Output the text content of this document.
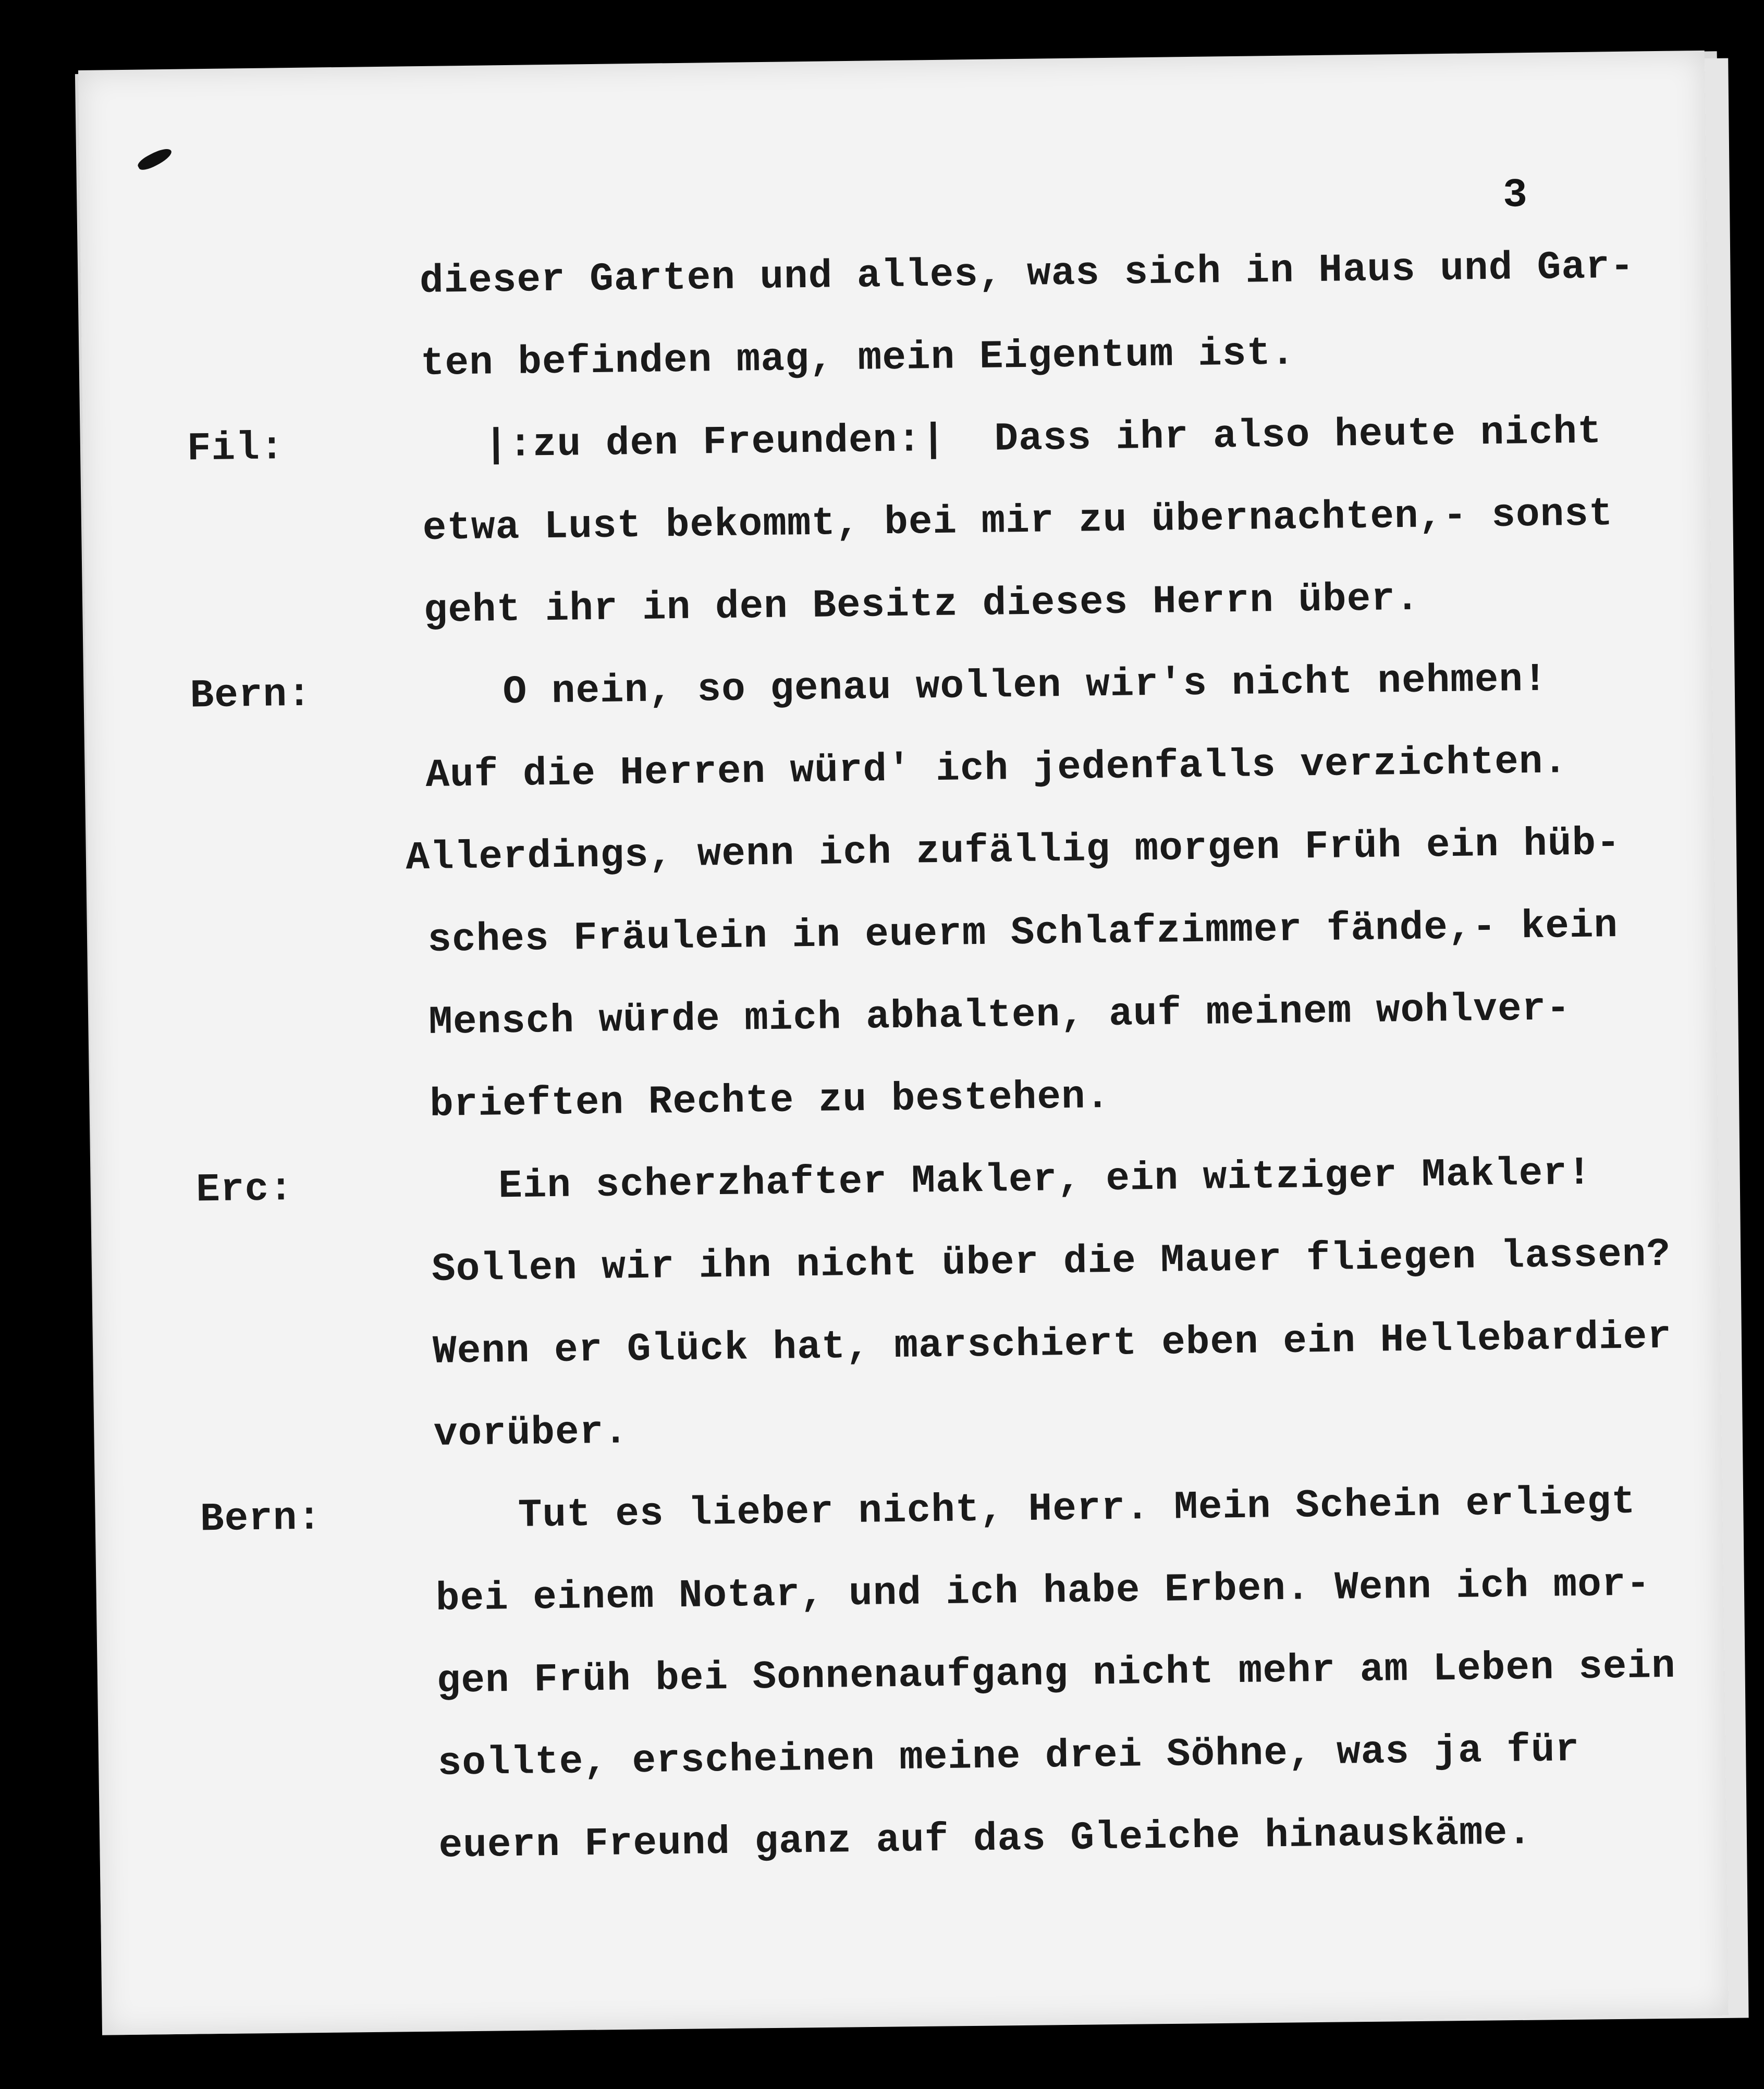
3
dieser Garten und alles, was sich in Haus und Gar-
ten befinden mag, mein Eigentum ist.
Fil:	|:zu den Freunden:|  Dass ihr also heute nicht
etwa Lust bekommt, bei mir zu übernachten,- sonst
geht ihr in den Besitz dieses Herrn über.
Bern:	O nein, so genau wollen wir's nicht nehmen!
Auf die Herren würd' ich jedenfalls verzichten.
Allerdings, wenn ich zufällig morgen Früh ein hüb-
sches Fräulein in euerm Schlafzimmer fände,- kein
Mensch würde mich abhalten, auf meinem wohlver-
brieften Rechte zu bestehen.
Erc:	Ein scherzhafter Makler, ein witziger Makler!
Sollen wir ihn nicht über die Mauer fliegen lassen?
Wenn er Glück hat, marschiert eben ein Hellebardier
vorüber.
Bern:	Tut es lieber nicht, Herr. Mein Schein erliegt
bei einem Notar, und ich habe Erben. Wenn ich mor-
gen Früh bei Sonnenaufgang nicht mehr am Leben sein
sollte, erscheinen meine drei Söhne, was ja für
euern Freund ganz auf das Gleiche hinauskäme.
